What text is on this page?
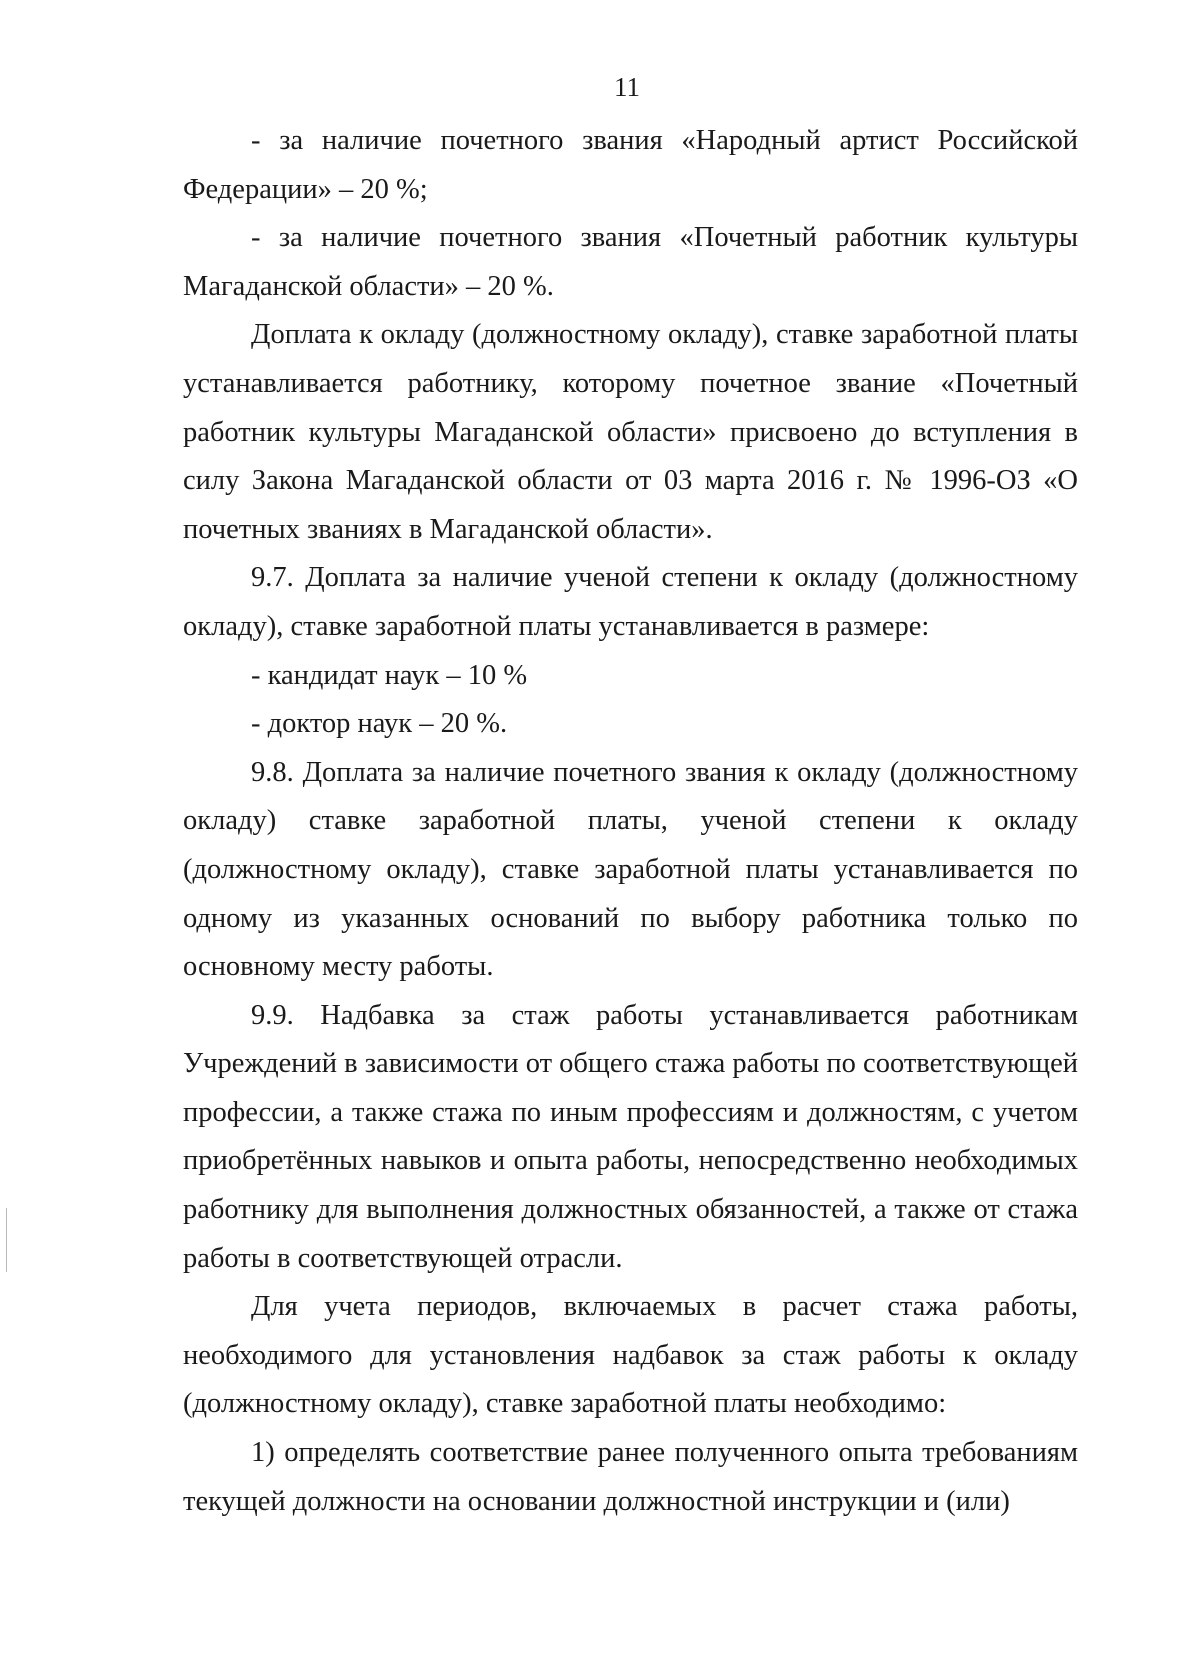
11

- за наличие почетного звания «Народный артист Российской Федерации» – 20 %;

- за наличие почетного звания «Почетный работник культуры Магаданской области» – 20 %.

Доплата к окладу (должностному окладу), ставке заработной платы устанавливается работнику, которому почетное звание «Почетный работник культуры Магаданской области» присвоено до вступления в силу Закона Магаданской области от 03 марта 2016 г. № 1996-ОЗ «О почетных званиях в Магаданской области».

9.7. Доплата за наличие ученой степени к окладу (должностному окладу), ставке заработной платы устанавливается в размере:

- кандидат наук – 10 %

- доктор наук – 20 %.

9.8. Доплата за наличие почетного звания к окладу (должностному окладу) ставке заработной платы, ученой степени к окладу (должностному окладу), ставке заработной платы устанавливается по одному из указанных оснований по выбору работника только по основному месту работы.

9.9. Надбавка за стаж работы устанавливается работникам Учреждений в зависимости от общего стажа работы по соответствующей профессии, а также стажа по иным профессиям и должностям, с учетом приобретённых навыков и опыта работы, непосредственно необходимых работнику для выполнения должностных обязанностей, а также от стажа работы в соответствующей отрасли.

Для учета периодов, включаемых в расчет стажа работы, необходимого для установления надбавок за стаж работы к окладу (должностному окладу), ставке заработной платы необходимо:

1) определять соответствие ранее полученного опыта требованиям текущей должности на основании должностной инструкции и (или)
